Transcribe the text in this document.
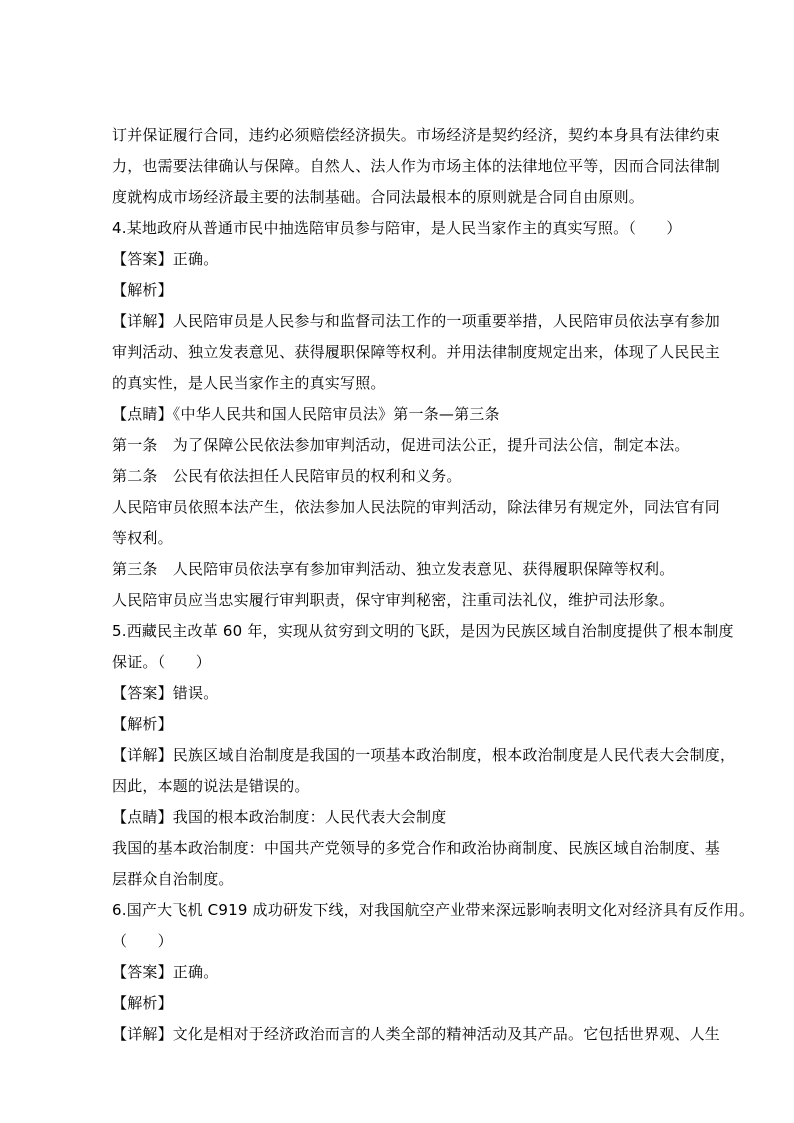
订并保证履行合同，违约必须赔偿经济损失。市场经济是契约经济，契约本身具有法律约束
力，也需要法律确认与保障。自然人、法人作为市场主体的法律地位平等，因而合同法律制
度就构成市场经济最主要的法制基础。合同法最根本的原则就是合同自由原则。
4.某地政府从普通市民中抽选陪审员参与陪审，是人民当家作主的真实写照。（　　）
【答案】正确。
【解析】
【详解】人民陪审员是人民参与和监督司法工作的一项重要举措，人民陪审员依法享有参加
审判活动、独立发表意见、获得履职保障等权利。并用法律制度规定出来，体现了人民民主
的真实性，是人民当家作主的真实写照。
【点睛】《中华人民共和国人民陪审员法》第一条—第三条
第一条　为了保障公民依法参加审判活动，促进司法公正，提升司法公信，制定本法。
第二条　公民有依法担任人民陪审员的权利和义务。
人民陪审员依照本法产生，依法参加人民法院的审判活动，除法律另有规定外，同法官有同
等权利。
第三条　人民陪审员依法享有参加审判活动、独立发表意见、获得履职保障等权利。
人民陪审员应当忠实履行审判职责，保守审判秘密，注重司法礼仪，维护司法形象。
5.西藏民主改革 60 年，实现从贫穷到文明的飞跃，是因为民族区域自治制度提供了根本制度
保证。（　　）
【答案】错误。
【解析】
【详解】民族区域自治制度是我国的一项基本政治制度，根本政治制度是人民代表大会制度，
因此，本题的说法是错误的。
【点睛】我国的根本政治制度：人民代表大会制度
我国的基本政治制度：中国共产党领导的多党合作和政治协商制度、民族区域自治制度、基
层群众自治制度。
6.国产大飞机 C919 成功研发下线，对我国航空产业带来深远影响表明文化对经济具有反作用。
（　　）
【答案】正确。
【解析】
【详解】文化是相对于经济政治而言的人类全部的精神活动及其产品。它包括世界观、人生
